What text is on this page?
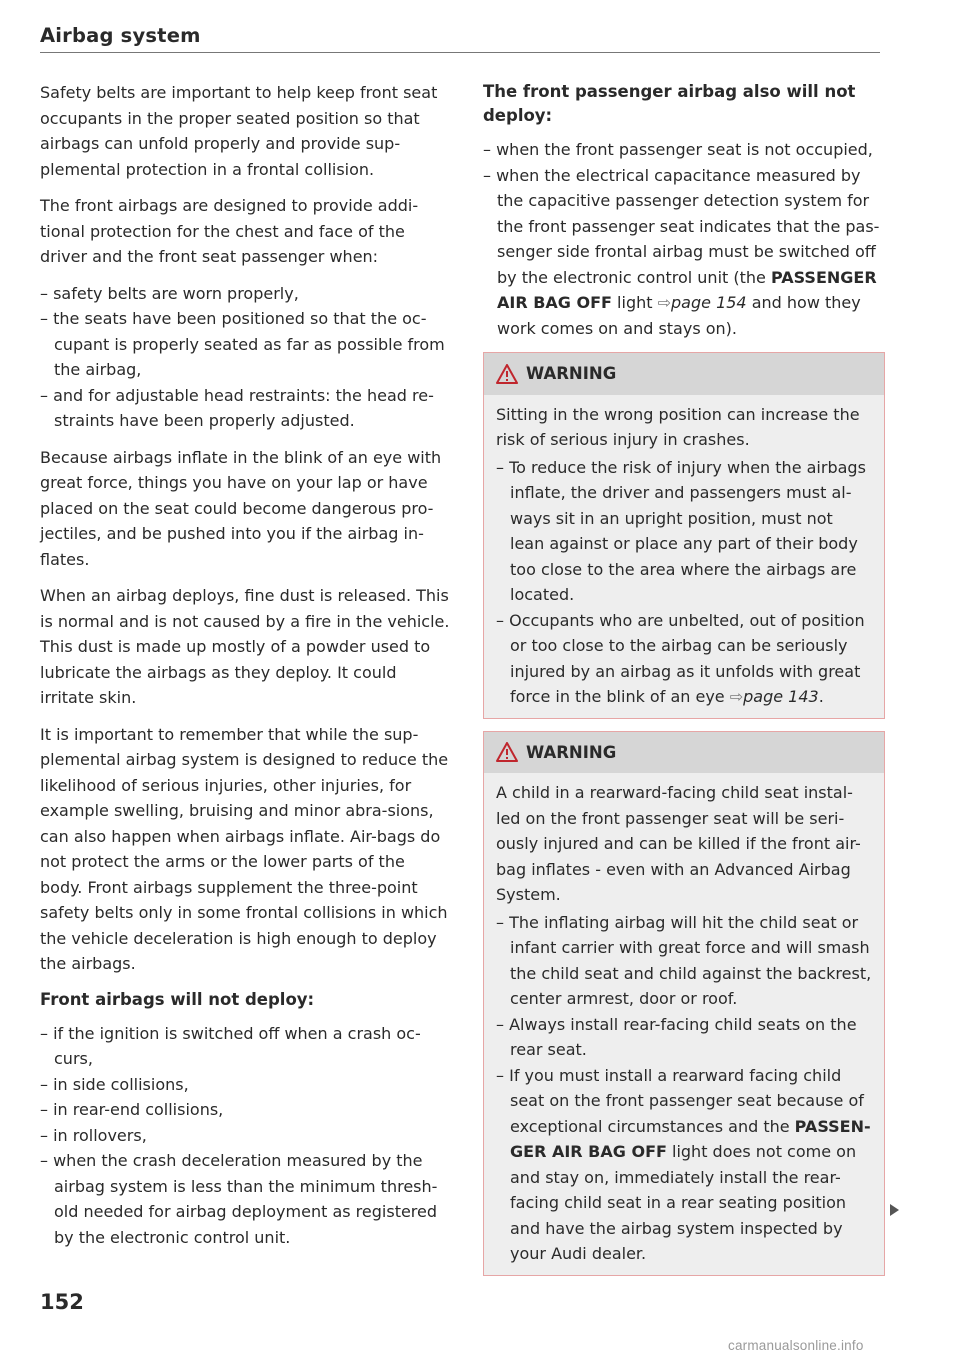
Airbag system

Safety belts are important to help keep front seat occupants in the proper seated position so that airbags can unfold properly and provide sup-plemental protection in a frontal collision.

The front airbags are designed to provide addi-tional protection for the chest and face of the driver and the front seat passenger when:

– safety belts are worn properly,
– the seats have been positioned so that the oc-cupant is properly seated as far as possible from the airbag,
– and for adjustable head restraints: the head re-straints have been properly adjusted.

Because airbags inflate in the blink of an eye with great force, things you have on your lap or have placed on the seat could become dangerous pro-jectiles, and be pushed into you if the airbag in-flates.

When an airbag deploys, fine dust is released. This is normal and is not caused by a fire in the vehicle. This dust is made up mostly of a powder used to lubricate the airbags as they deploy. It could irritate skin.

It is important to remember that while the sup-plemental airbag system is designed to reduce the likelihood of serious injuries, other injuries, for example swelling, bruising and minor abra-sions, can also happen when airbags inflate. Air-bags do not protect the arms or the lower parts of the body. Front airbags supplement the three-point safety belts only in some frontal collisions in which the vehicle deceleration is high enough to deploy the airbags.

Front airbags will not deploy:
– if the ignition is switched off when a crash oc-curs,
– in side collisions,
– in rear-end collisions,
– in rollovers,
– when the crash deceleration measured by the airbag system is less than the minimum thresh-old needed for airbag deployment as registered by the electronic control unit.
The front passenger airbag also will not deploy:
– when the front passenger seat is not occupied,
– when the electrical capacitance measured by the capacitive passenger detection system for the front passenger seat indicates that the pas-senger side frontal airbag must be switched off by the electronic control unit (the PASSENGER AIR BAG OFF light ⇨page 154 and how they work comes on and stays on).
WARNING

Sitting in the wrong position can increase the risk of serious injury in crashes.

– To reduce the risk of injury when the airbags inflate, the driver and passengers must al-ways sit in an upright position, must not lean against or place any part of their body too close to the area where the airbags are located.
– Occupants who are unbelted, out of position or too close to the airbag can be seriously injured by an airbag as it unfolds with great force in the blink of an eye ⇨page 143.
WARNING

A child in a rearward-facing child seat instal-led on the front passenger seat will be seri-ously injured and can be killed if the front air-bag inflates - even with an Advanced Airbag System.

– The inflating airbag will hit the child seat or infant carrier with great force and will smash the child seat and child against the backrest, center armrest, door or roof.
– Always install rear-facing child seats on the rear seat.
– If you must install a rearward facing child seat on the front passenger seat because of exceptional circumstances and the PASSEN-GER AIR BAG OFF light does not come on and stay on, immediately install the rear-facing child seat in a rear seating position and have the airbag system inspected by your Audi dealer.
152
carmanualsonline.info
